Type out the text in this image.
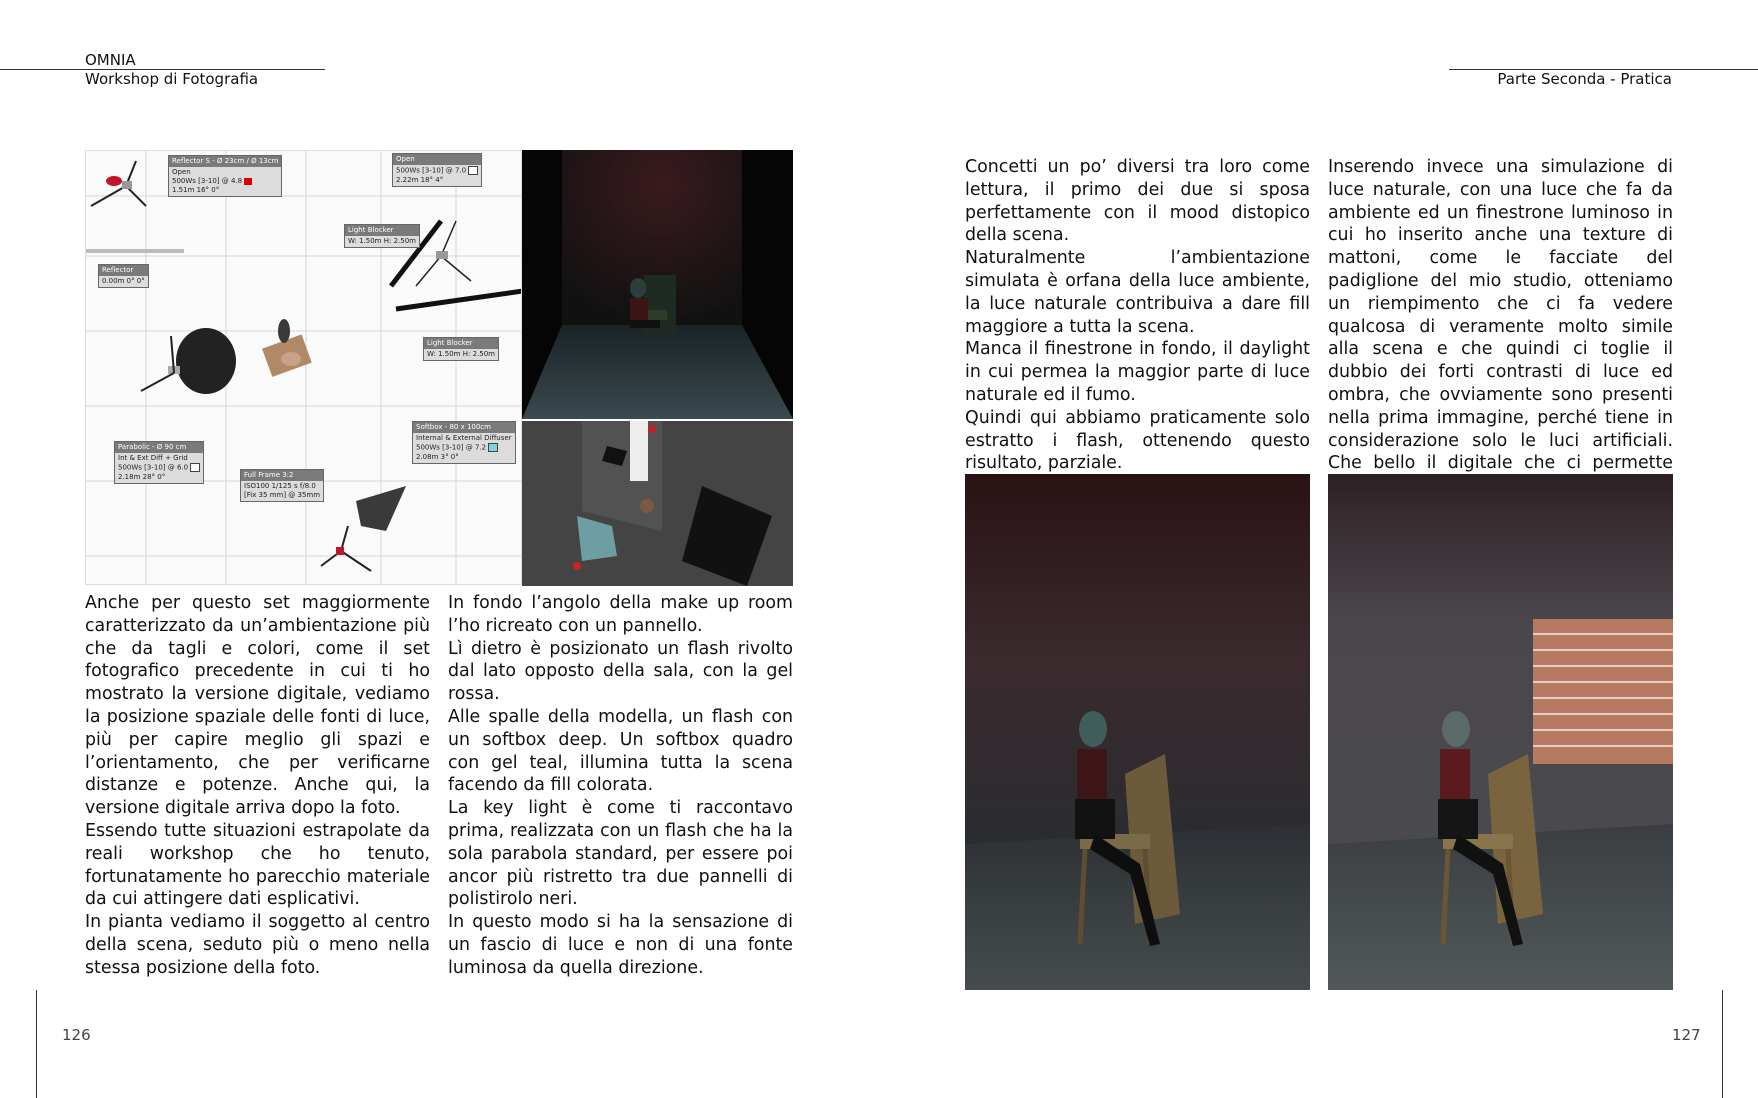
OMNIA
Workshop di Fotografia	Parte Seconda - Pratica
Reflector S - Ø 23cm / Ø 13cm
Open
500Ws [3-10] @ 4.8
1.51m 16° 0°
Open
500Ws [3-10] @ 7.0
2.22m 18° 4°
Light Blocker
W: 1.50m H: 2.50m
Reflector
0.00m 0° 0°
Light Blocker
W: 1.50m H: 2.50m
Parabolic - Ø 90 cm
Int & Ext Diff + Grid
500Ws [3-10] @ 6.0
2.18m 28° 0°	Full Frame 3:2
ISO100 1/125 s f/8.0
[Fix 35 mm] @ 35mm
Softbox - 80 x 100cm
Internal & External Diffuser
500Ws [3-10] @ 7.2
2.08m 3° 0°

Anche per questo set maggiormente caratterizzato da un’ambientazione più che da tagli e colori, come il set fotografico precedente in cui ti ho mostrato la versione digitale, vediamo la posizione spaziale delle fonti di luce, più per capire meglio gli spazi e l’orientamento, che per verificarne distanze e potenze. Anche qui, la versione digitale arriva dopo la foto.

Essendo tutte situazioni estrapolate da reali workshop che ho tenuto, fortunatamente ho parecchio materiale da cui attingere dati esplicativi.

In pianta vediamo il soggetto al centro della scena, seduto più o meno nella stessa posizione della foto.

In fondo l’angolo della make up room l’ho ricreato con un pannello.

Lì dietro è posizionato un flash rivolto dal lato opposto della sala, con la gel rossa.

Alle spalle della modella, un flash con un softbox deep. Un softbox quadro con gel teal, illumina tutta la scena facendo da fill colorata.

La key light è come ti raccontavo prima, realizzata con un flash che ha la sola parabola standard, per essere poi ancor più ristretto tra due pannelli di polistirolo neri.

In questo modo si ha la sensazione di un fascio di luce e non di una fonte luminosa da quella direzione.

Concetti un po’ diversi tra loro come lettura, il primo dei due si sposa perfettamente con il mood distopico della scena.

Naturalmente l’ambientazione simulata è orfana della luce ambiente, la luce naturale contribuiva a dare fill maggiore a tutta la scena.

Manca il finestrone in fondo, il daylight in cui permea la maggior parte di luce naturale ed il fumo.

Quindi qui abbiamo praticamente solo estratto i flash, ottenendo questo risultato, parziale.

Inserendo invece una simulazione di luce naturale, con una luce che fa da ambiente ed un finestrone luminoso in cui ho inserito anche una texture di mattoni, come le facciate del padiglione del mio studio, otteniamo un riempimento che ci fa vedere qualcosa di veramente molto simile alla scena e che quindi ci toglie il dubbio dei forti contrasti di luce ed ombra, che ovviamente sono presenti nella prima immagine, perché tiene in considerazione solo le luci artificiali. Che bello il digitale che ci permette

126	127
